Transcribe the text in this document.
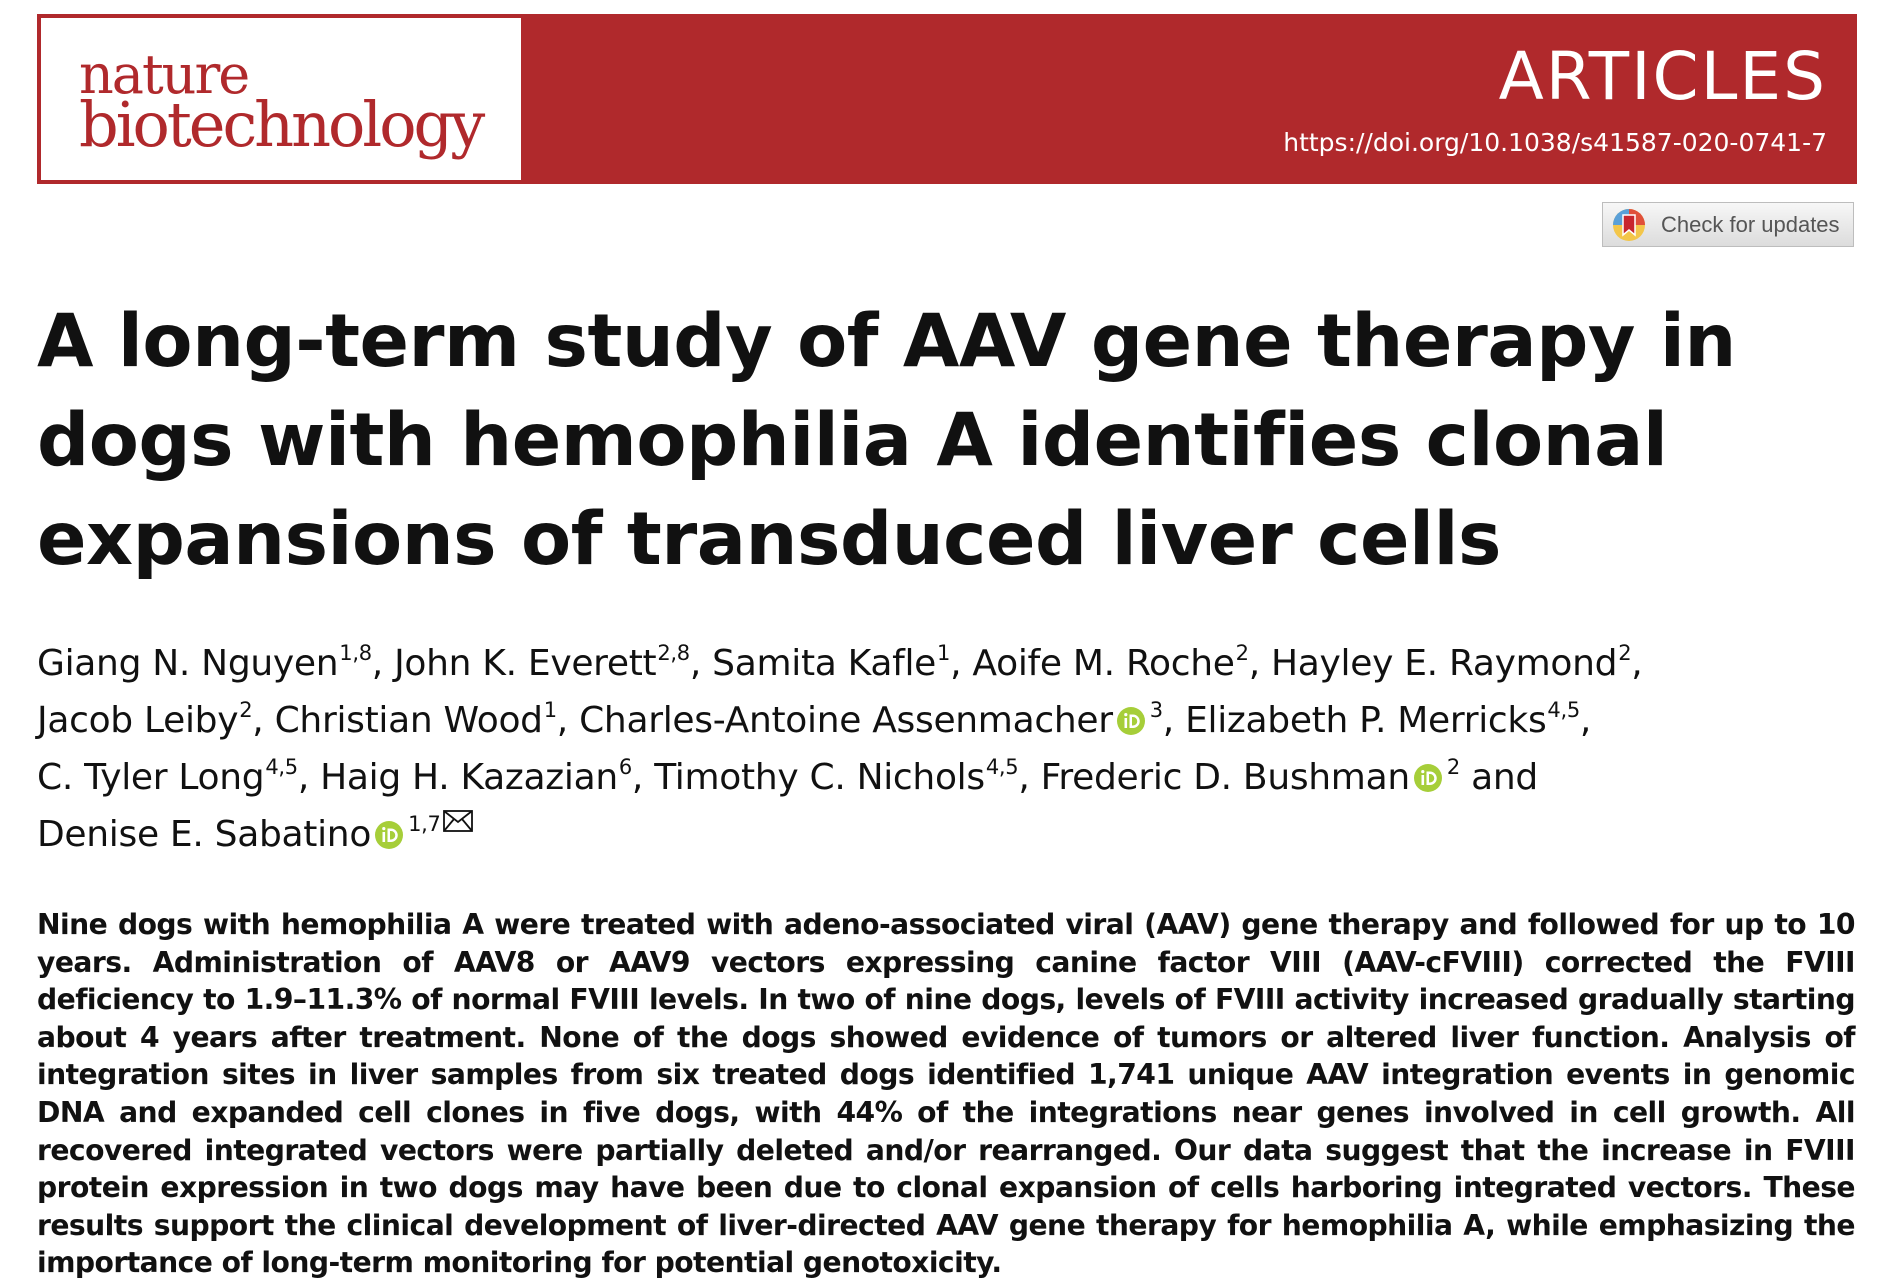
nature
biotechnology
ARTICLES
https://doi.org/10.1038/s41587-020-0741-7
Check for updates
A long-term study of AAV gene therapy in dogs with hemophilia A identifies clonal expansions of transduced liver cells
Giang N. Nguyen$^{1,8}$, John K. Everett$^{2,8}$, Samita Kafle$^1$, Aoife M. Roche$^2$, Hayley E. Raymond$^2$,
Jacob Leiby$^2$, Christian Wood$^1$, Charles-Antoine Assenmacher $^3$, Elizabeth P. Merricks$^{4,5}$,
C. Tyler Long$^{4,5}$, Haig H. Kazazian$^6$, Timothy C. Nichols$^{4,5}$, Frederic D. Bushman $^2$ and
Denise E. Sabatino $^{1,7}$

Nine dogs with hemophilia A were treated with adeno-associated viral (AAV) gene therapy and followed for up to 10 years. Administration of AAV8 or AAV9 vectors expressing canine factor VIII (AAV-cFVIII) corrected the FVIII deficiency to 1.9–11.3% of normal FVIII levels. In two of nine dogs, levels of FVIII activity increased gradually starting about 4 years after treatment. None of the dogs showed evidence of tumors or altered liver function. Analysis of integration sites in liver samples from six treated dogs identified 1,741 unique AAV integration events in genomic DNA and expanded cell clones in five dogs, with 44% of the integrations near genes involved in cell growth. All recovered integrated vectors were partially deleted and/or rearranged. Our data suggest that the increase in FVIII protein expression in two dogs may have been due to clonal expansion of cells harboring integrated vectors. These results support the clinical development of liver-directed AAV gene therapy for hemophilia A, while emphasizing the importance of long-term monitoring for potential genotoxicity.
